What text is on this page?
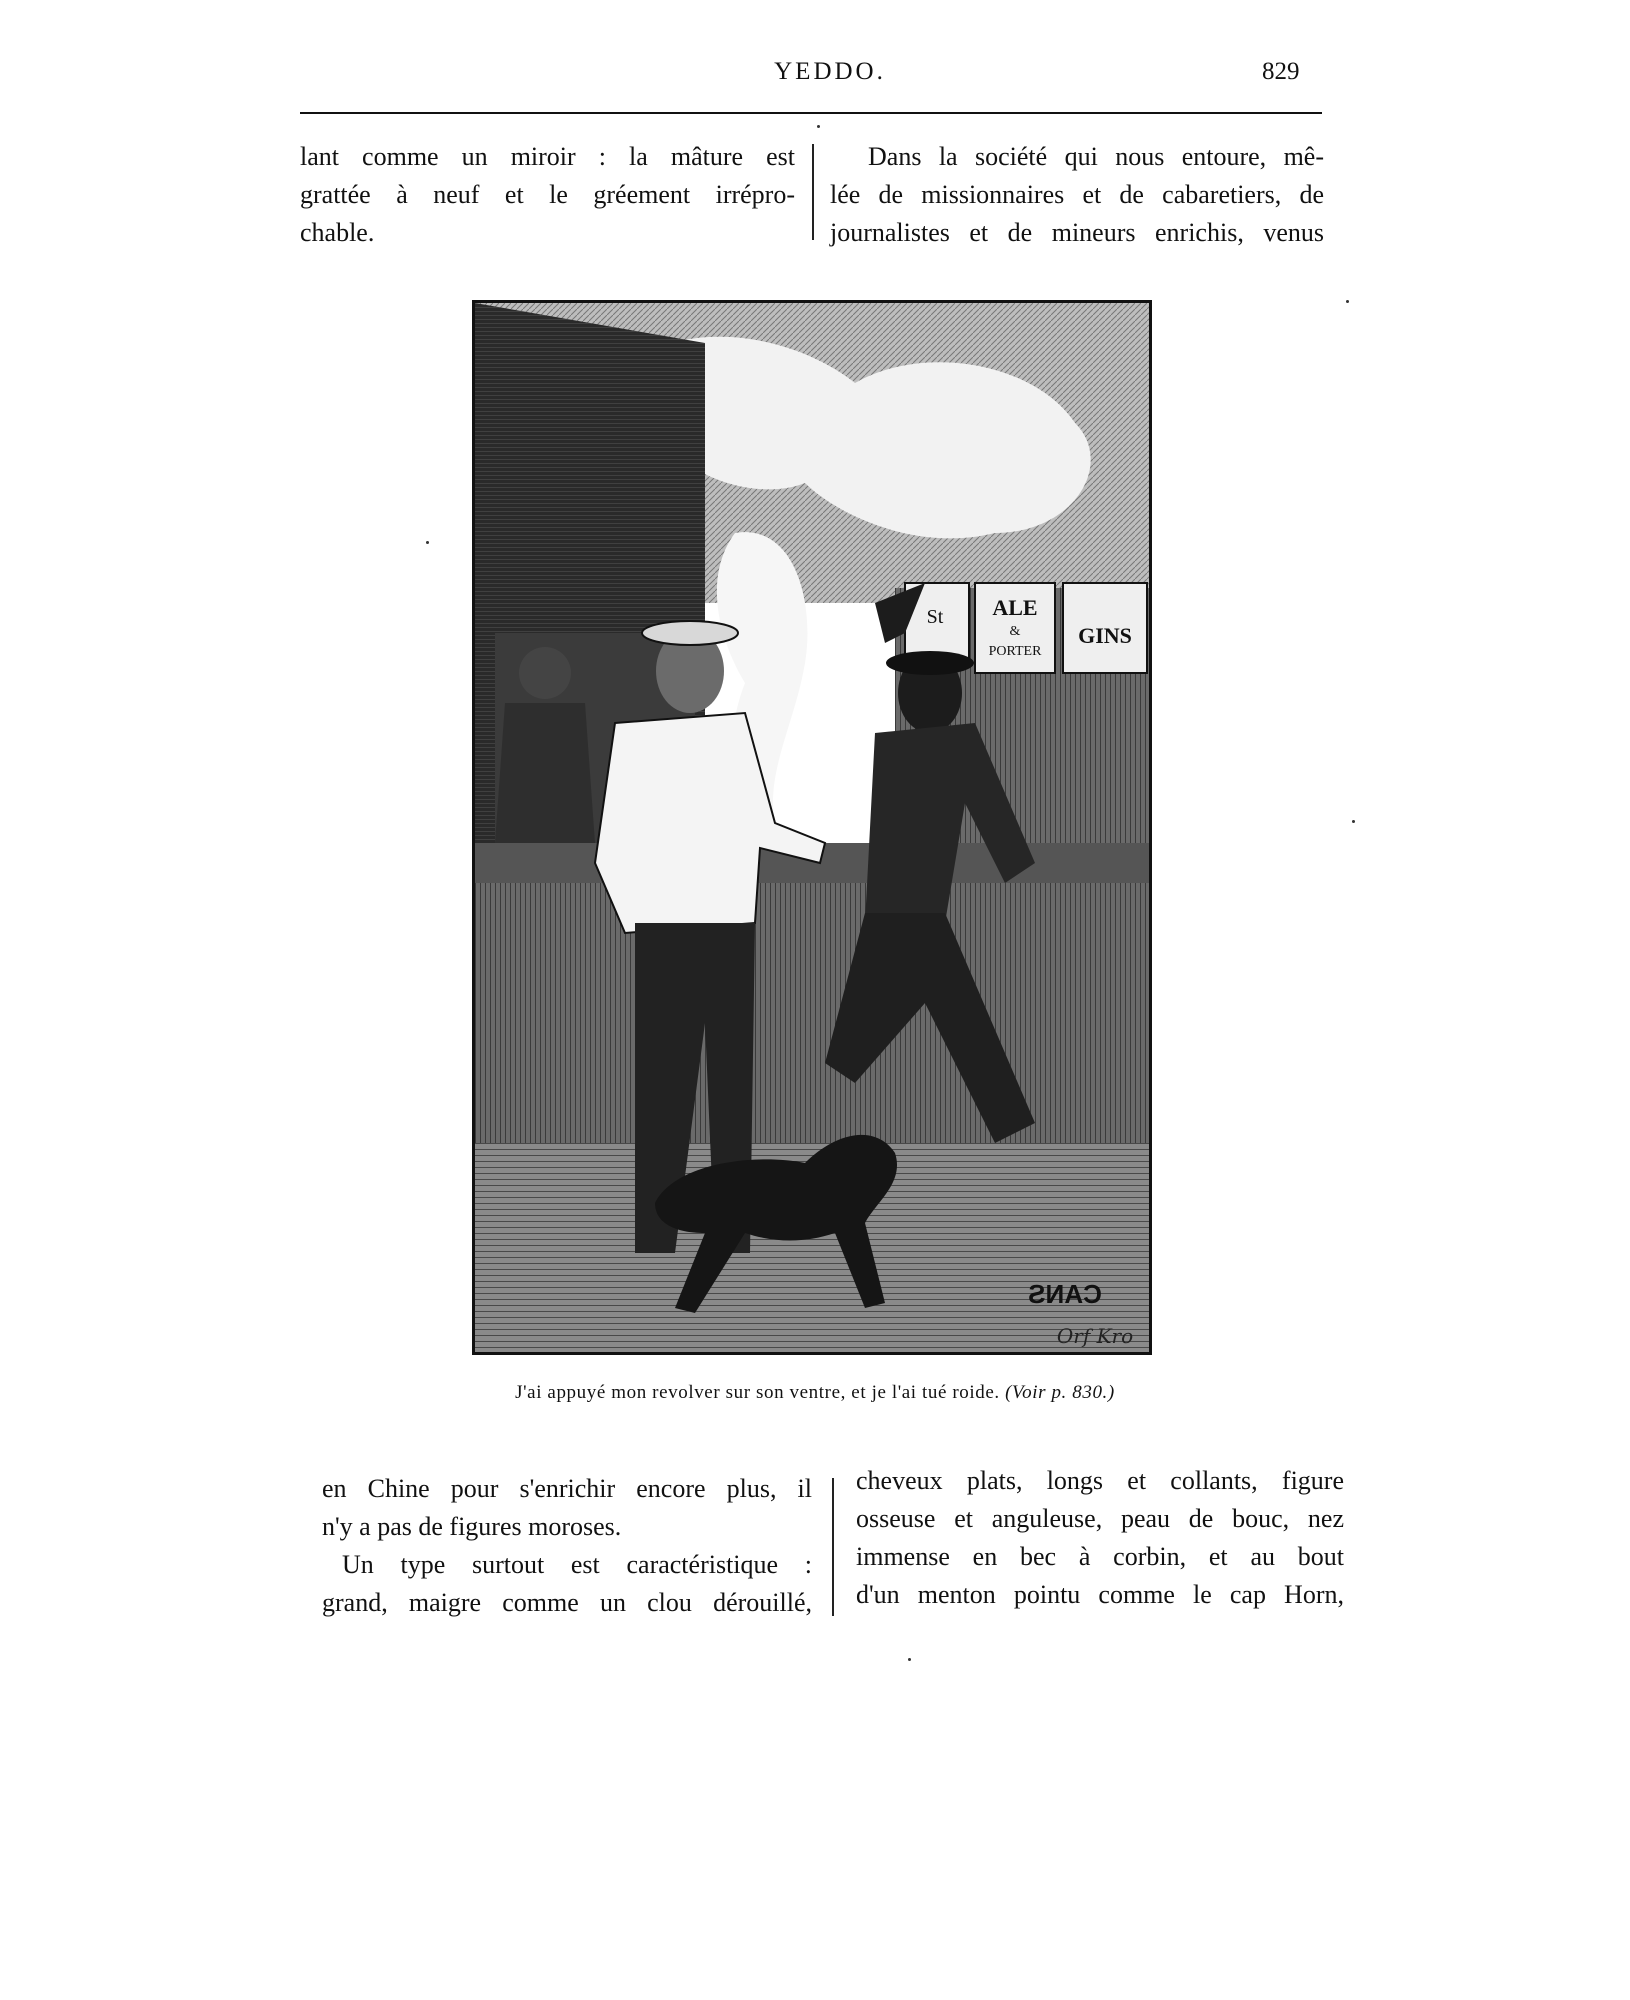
YEDDO.	829
lant comme un miroir : la mâture est
grattée à neuf et le gréement irrépro-
chable.
Dans la société qui nous entoure, mê-
lée de missionnaires et de cabaretiers, de
journalistes et de mineurs enrichis, venus
St ALE
&
PORTER
GINS
CANS
Orf Kro
J'ai appuyé mon revolver sur son ventre, et je l'ai tué roide. (Voir p. 830.)
en Chine pour s'enrichir encore plus, il
n'y a pas de figures moroses.
Un type surtout est caractéristique :
grand, maigre comme un clou dérouillé,
cheveux plats, longs et collants, figure
osseuse et anguleuse, peau de bouc, nez
immense en bec à corbin, et au bout
d'un menton pointu comme le cap Horn,
